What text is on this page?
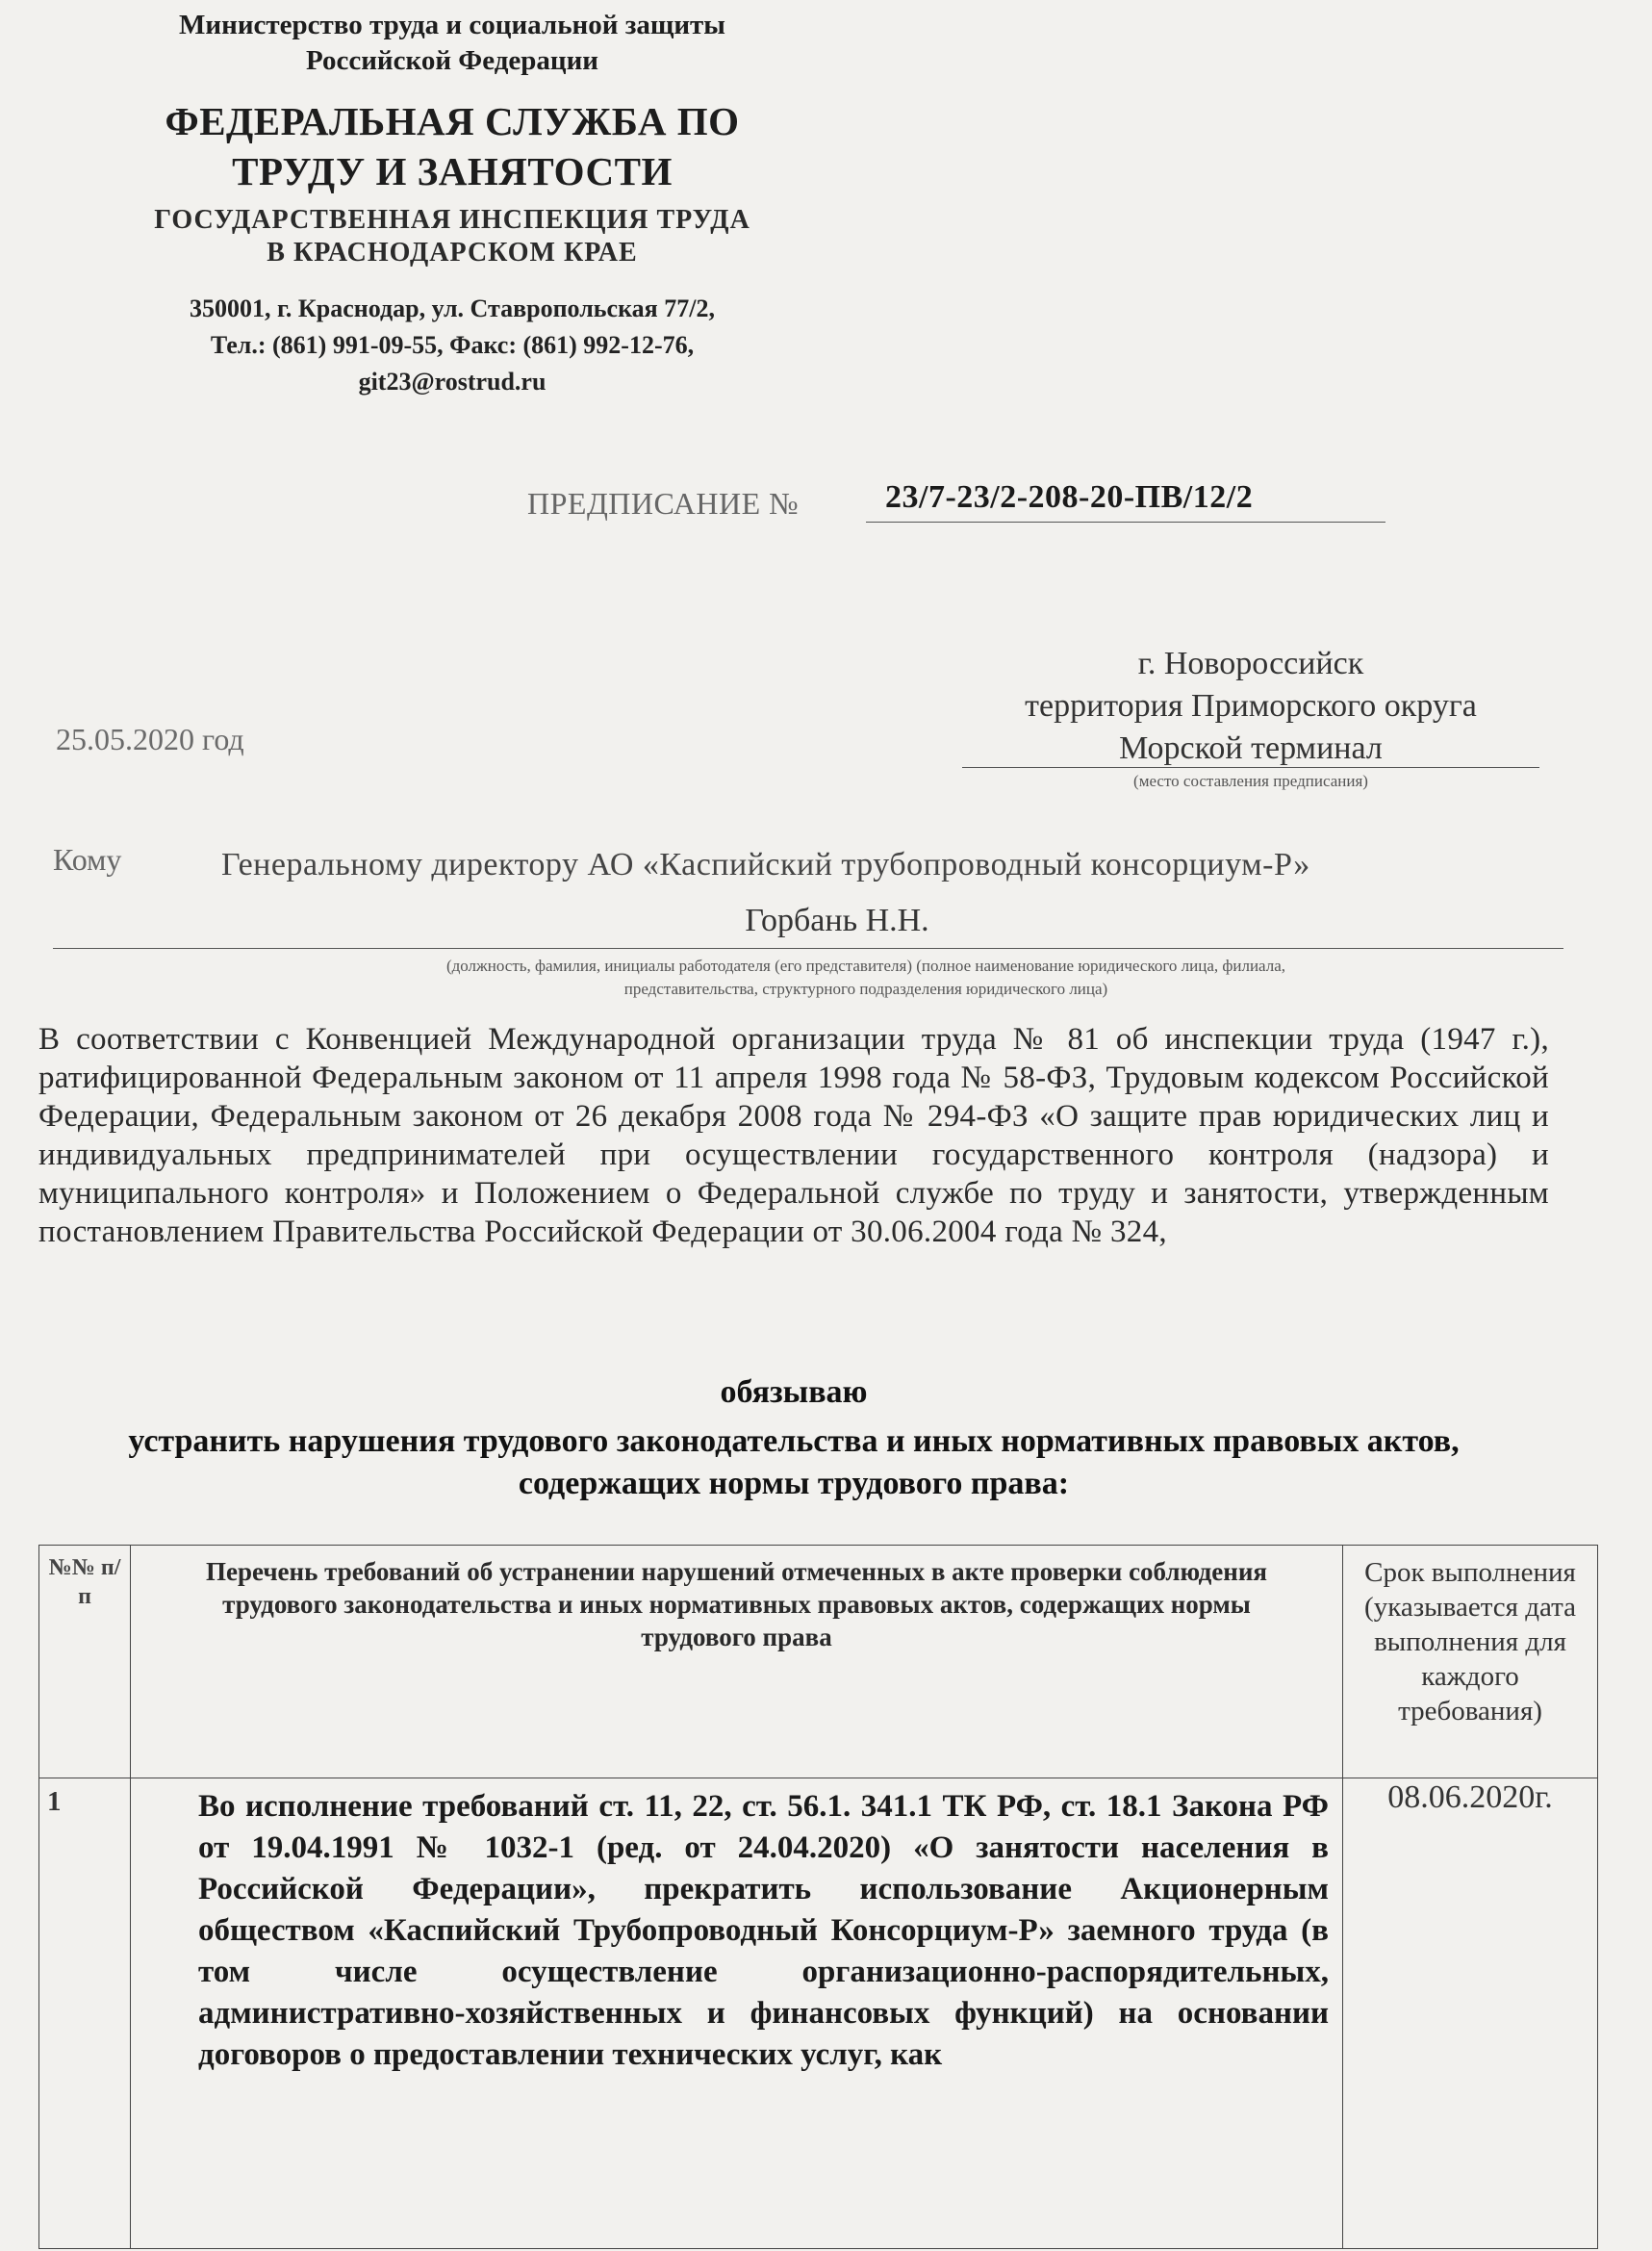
Министерство труда и социальной защиты
Российской Федерации
ФЕДЕРАЛЬНАЯ СЛУЖБА ПО
ТРУДУ И ЗАНЯТОСТИ
ГОСУДАРСТВЕННАЯ ИНСПЕКЦИЯ ТРУДА
В КРАСНОДАРСКОМ КРАЕ
350001, г. Краснодар, ул. Ставропольская 77/2,
Тел.: (861) 991-09-55, Факс: (861) 992-12-76,
git23@rostrud.ru
ПРЕДПИСАНИЕ №	23/7-23/2-208-20-ПВ/12/2
25.05.2020 год
г. Новороссийск
территория Приморского округа
Морской терминал
(место составления предписания)
Кому	Генеральному директору АО «Каспийский трубопроводный консорциум-Р»
Горбань Н.Н.
(должность, фамилия, инициалы работодателя (его представителя) (полное наименование юридического лица, филиала,
представительства, структурного подразделения юридического лица)
В соответствии с Конвенцией Международной организации труда № 81 об инспекции труда (1947 г.), ратифицированной Федеральным законом от 11 апреля 1998 года № 58-ФЗ, Трудовым кодексом Российской Федерации, Федеральным законом от 26 декабря 2008 года № 294-ФЗ «О защите прав юридических лиц и индивидуальных предпринимателей при осуществлении государственного контроля (надзора) и муниципального контроля» и Положением о Федеральной службе по труду и занятости, утвержденным постановлением Правительства Российской Федерации от 30.06.2004 года № 324,
обязываю
устранить нарушения трудового законодательства и иных нормативных правовых актов, содержащих нормы трудового права:
№№ п/п	Перечень требований об устранении нарушений отмеченных в акте проверки соблюдения трудового законодательства и иных нормативных правовых актов, содержащих нормы трудового права	Срок выполнения (указывается дата выполнения для каждого требования)
1	Во исполнение требований ст. 11, 22, ст. 56.1. 341.1 ТК РФ, ст. 18.1 Закона РФ от 19.04.1991 № 1032-1 (ред. от 24.04.2020) «О занятости населения в Российской Федерации», прекратить использование Акционерным обществом «Каспийский Трубопроводный Консорциум-Р» заемного труда (в том числе осуществление организационно-распорядительных, административно-хозяйственных и финансовых функций) на основании договоров о предоставлении технических услуг, как	08.06.2020г.
